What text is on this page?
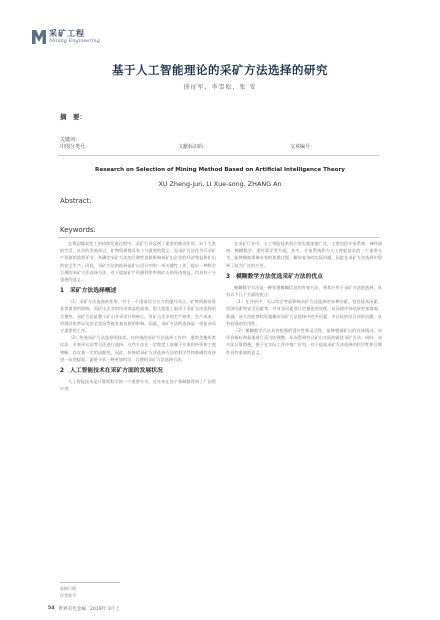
采矿工程
Mining Engineering
基于人工智能理论的采矿方法选择的研究
徐征军，李雪松，张 安
摘　要：
关键词：
中图分类号：	文献标识码：	文章编号：
Research on Selection of Mining Method Based on Artificial Intelligence Theory
XU Zheng-jun, LI Xue-song, ZHANG An
Abstract:
Keywords:

在我国煤炭化工的持续发展过程中，采矿行业起到了重要的推动作用。对于人类的生活、社会的发展而言，矿物资源都具有十分重要的意义。而采矿方法作为开采矿产资源的重要环节，其确定采矿方法的合理性直接影响着矿山企业的经济效益和矿山的安全生产。因此，采矿方法的选择是矿山设计中的一项关键性工作，提出一种科学合理的采矿方法选择方法，对于提高矿产资源利用率和矿山的经济效益，均具有十分重要的意义。

1 采矿方法选择概述

（1）采矿方法选择的作用。对于一个国家综合实力的提升而言，矿物资源具有非常重要的影响。而矿山企业的经济效益的高低，很大程度上取决于采矿方法选择的合理性。采矿方法是整个矿山开采设计的核心，对矿山企业的生产效率、生产成本、资源回收率以及安全状况等都有着直接的影响。因此，采矿方法的选择是一项复杂而又重要的工作。

（2）传统采矿方法选择的技术。在传统的采矿方法选择工作中，通常会使用类比法、专家评议法等方法进行选择。这些方法在一定程度上依赖于专家的经验和主观判断，存在着一定的局限性。因此，传统的采矿方法选择方法的科学性和准确性有待进一步的提高，需要寻求一种更加科学、合理的采矿方法选择方法。

2 人工智能技术在采矿方面的发展状况

人工智能技术是计算机科学的一个重要分支，近年来在各个领域都得到了广泛的应用。

在采矿行业中，人工智能技术的应用也越来越广泛，主要包括专家系统、神经网络、模糊数学、遗传算法等方面。其中，专家系统作为人工智能技术的一个重要分支，能够模拟领域专家的思维过程，解决复杂的实际问题，因此在采矿方法选择中得到了较为广泛的应用。

3 模糊数学方法优选采矿方法的优点

模糊数学方法是一种处理模糊信息的有效方法，将其应用于采矿方法的选择，具有以下几个方面的优点：

（1）在评价中，可以综合考虑影响采矿方法选择的各种因素，包括技术因素、经济因素和安全因素等，并对各因素进行定量化的处理，从而使评价结果更加客观、准确。该方法能够较好地解决采矿方法选择中的多因素、多目标的综合评价问题，具有较强的实用性。

（2）模糊数学方法具有较强的适应性和灵活性，能够根据矿山的具体情况，对评价指标和权重进行适当的调整，从而得到符合矿山实际的最优采矿方法。同时，该方法计算简便，便于在实际工作中推广应用，对于提高采矿方法选择的科学性和合理性具有重要的意义。

收稿日期：
作者简介：
54 世界有色金属 2019年 3月上
